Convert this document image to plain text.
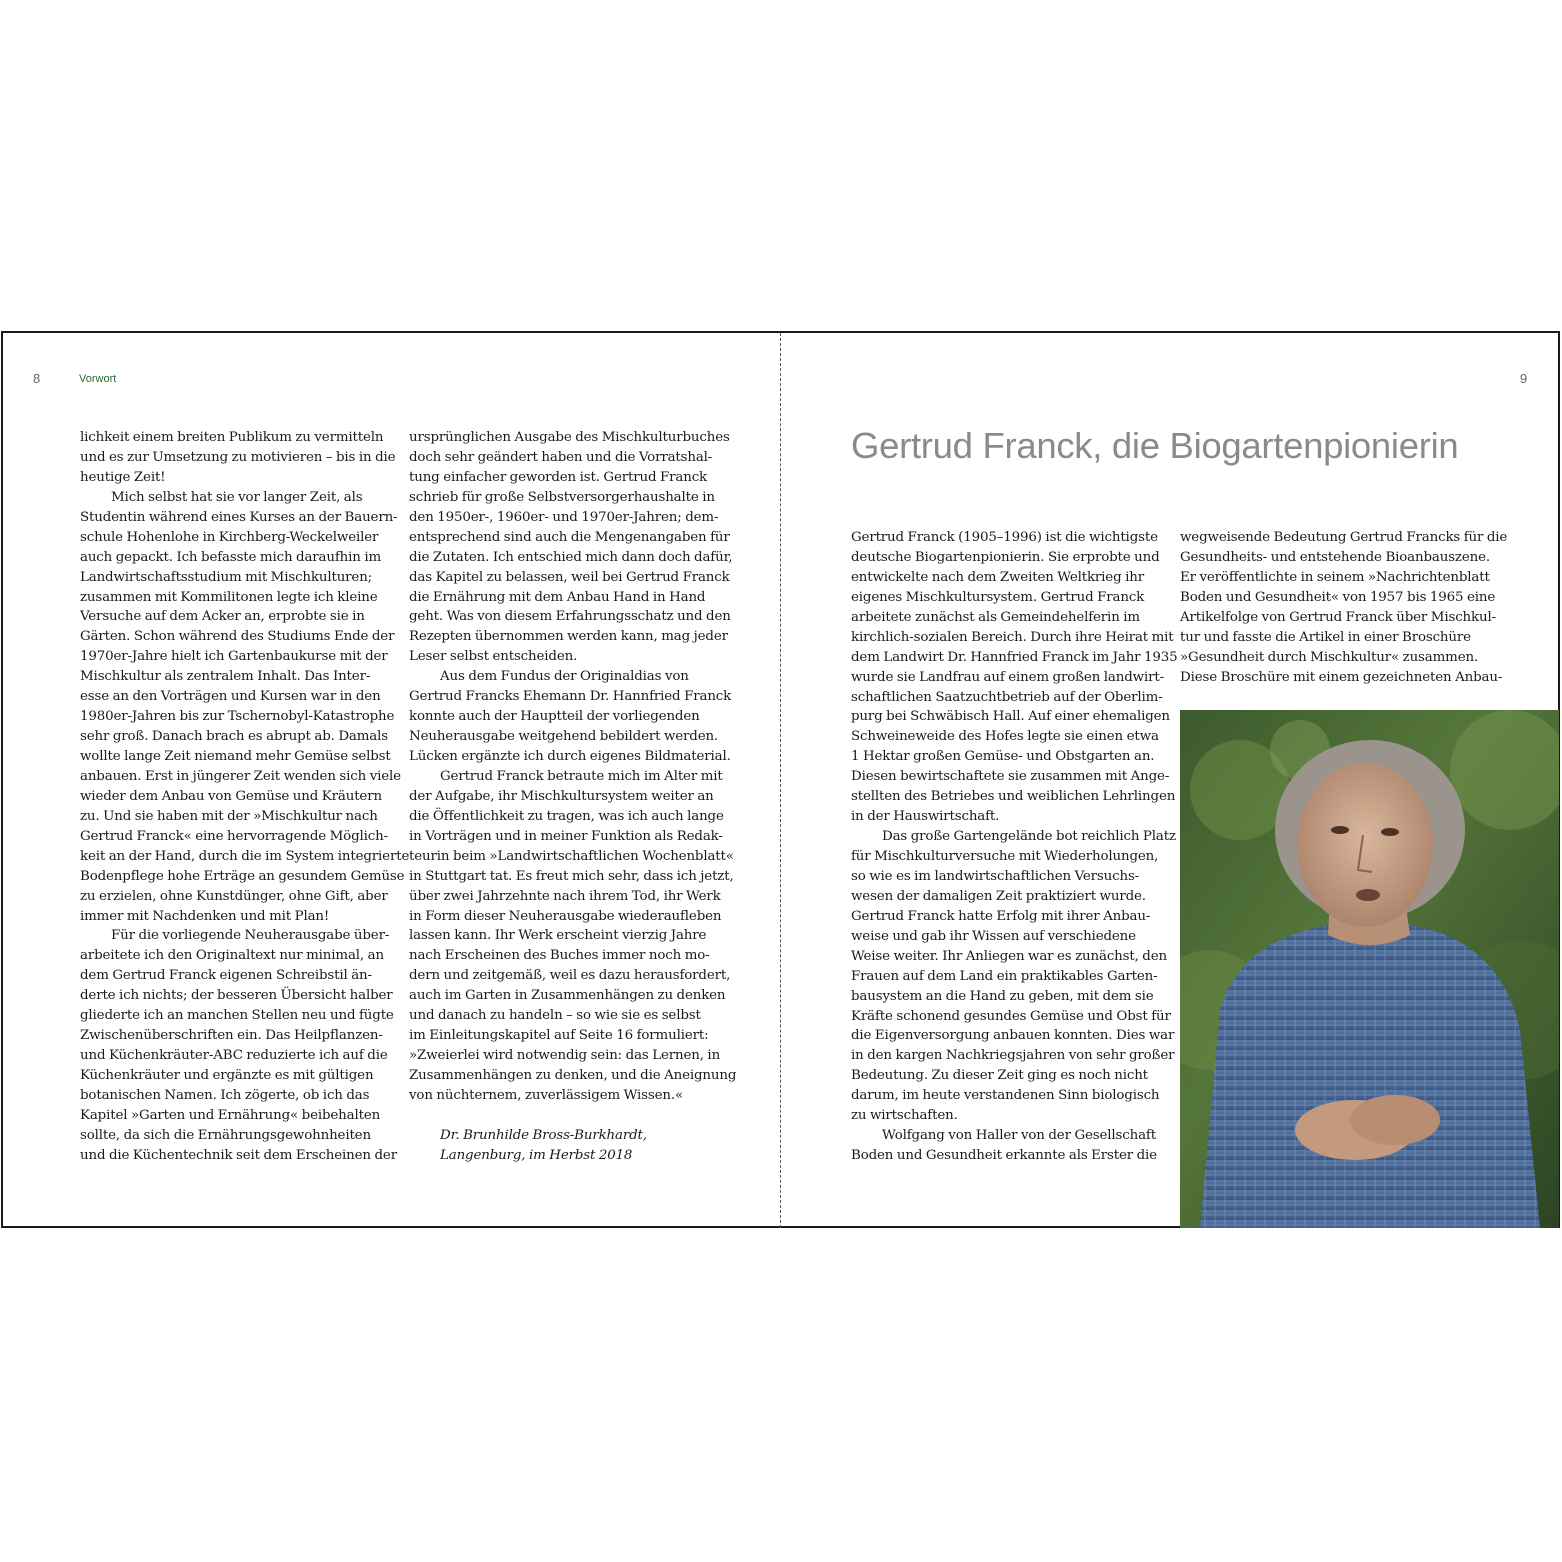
8	Vorwort
lichkeit einem breiten Publikum zu vermitteln
und es zur Umsetzung zu motivieren – bis in die
heutige Zeit!
Mich selbst hat sie vor langer Zeit, als
Studentin während eines Kurses an der Bauern-
schule Hohenlohe in Kirchberg-Weckelweiler
auch gepackt. Ich befasste mich daraufhin im
Landwirtschaftsstudium mit Mischkulturen;
zusammen mit Kommilitonen legte ich kleine
Versuche auf dem Acker an, erprobte sie in
Gärten. Schon während des Studiums Ende der
1970er-Jahre hielt ich Gartenbaukurse mit der
Mischkultur als zentralem Inhalt. Das Inter-
esse an den Vorträgen und Kursen war in den
1980er-Jahren bis zur Tschernobyl-Katastrophe
sehr groß. Danach brach es abrupt ab. Damals
wollte lange Zeit niemand mehr Gemüse selbst
anbauen. Erst in jüngerer Zeit wenden sich viele
wieder dem Anbau von Gemüse und Kräutern
zu. Und sie haben mit der »Mischkultur nach
Gertrud Franck« eine hervorragende Möglich-
keit an der Hand, durch die im System integrierte
Bodenpflege hohe Erträge an gesundem Gemüse
zu erzielen, ohne Kunstdünger, ohne Gift, aber
immer mit Nachdenken und mit Plan!
Für die vorliegende Neuherausgabe über-
arbeitete ich den Originaltext nur minimal, an
dem Gertrud Franck eigenen Schreibstil än-
derte ich nichts; der besseren Übersicht halber
gliederte ich an manchen Stellen neu und fügte
Zwischenüberschriften ein. Das Heilpflanzen-
und Küchenkräuter-ABC reduzierte ich auf die
Küchenkräuter und ergänzte es mit gültigen
botanischen Namen. Ich zögerte, ob ich das
Kapitel »Garten und Ernährung« beibehalten
sollte, da sich die Ernährungsgewohnheiten
und die Küchentechnik seit dem Erscheinen der
ursprünglichen Ausgabe des Mischkulturbuches
doch sehr geändert haben und die Vorratshal-
tung einfacher geworden ist. Gertrud Franck
schrieb für große Selbstversorgerhaushalte in
den 1950er-, 1960er- und 1970er-Jahren; dem-
entsprechend sind auch die Mengenangaben für
die Zutaten. Ich entschied mich dann doch dafür,
das Kapitel zu belassen, weil bei Gertrud Franck
die Ernährung mit dem Anbau Hand in Hand
geht. Was von diesem Erfahrungsschatz und den
Rezepten übernommen werden kann, mag jeder
Leser selbst entscheiden.
Aus dem Fundus der Originaldias von
Gertrud Francks Ehemann Dr. Hannfried Franck
konnte auch der Hauptteil der vorliegenden
Neuherausgabe weitgehend bebildert werden.
Lücken ergänzte ich durch eigenes Bildmaterial.
Gertrud Franck betraute mich im Alter mit
der Aufgabe, ihr Mischkultursystem weiter an
die Öffentlichkeit zu tragen, was ich auch lange
in Vorträgen und in meiner Funktion als Redak-
teurin beim »Landwirtschaftlichen Wochenblatt«
in Stuttgart tat. Es freut mich sehr, dass ich jetzt,
über zwei Jahrzehnte nach ihrem Tod, ihr Werk
in Form dieser Neuherausgabe wiederaufleben
lassen kann. Ihr Werk erscheint vierzig Jahre
nach Erscheinen des Buches immer noch mo-
dern und zeitgemäß, weil es dazu herausfordert,
auch im Garten in Zusammenhängen zu denken
und danach zu handeln – so wie sie es selbst
im Einleitungskapitel auf Seite 16 formuliert:
»Zweierlei wird notwendig sein: das Lernen, in
Zusammenhängen zu denken, und die Aneignung
von nüchternem, zuverlässigem Wissen.«
Dr. Brunhilde Bross-Burkhardt,
Langenburg, im Herbst 2018
9
Gertrud Franck, die Biogartenpionierin
Gertrud Franck (1905–1996) ist die wichtigste
deutsche Biogartenpionierin. Sie erprobte und
entwickelte nach dem Zweiten Weltkrieg ihr
eigenes Mischkultursystem. Gertrud Franck
arbeitete zunächst als Gemeindehelferin im
kirchlich-sozialen Bereich. Durch ihre Heirat mit
dem Landwirt Dr. Hannfried Franck im Jahr 1935
wurde sie Landfrau auf einem großen landwirt-
schaftlichen Saatzuchtbetrieb auf der Oberlim-
purg bei Schwäbisch Hall. Auf einer ehemaligen
Schweineweide des Hofes legte sie einen etwa
1 Hektar großen Gemüse- und Obstgarten an.
Diesen bewirtschaftete sie zusammen mit Ange-
stellten des Betriebes und weiblichen Lehrlingen
in der Hauswirtschaft.
Das große Gartengelände bot reichlich Platz
für Mischkulturversuche mit Wiederholungen,
so wie es im landwirtschaftlichen Versuchs-
wesen der damaligen Zeit praktiziert wurde.
Gertrud Franck hatte Erfolg mit ihrer Anbau-
weise und gab ihr Wissen auf verschiedene
Weise weiter. Ihr Anliegen war es zunächst, den
Frauen auf dem Land ein praktikables Garten-
bausystem an die Hand zu geben, mit dem sie
Kräfte schonend gesundes Gemüse und Obst für
die Eigenversorgung anbauen konnten. Dies war
in den kargen Nachkriegsjahren von sehr großer
Bedeutung. Zu dieser Zeit ging es noch nicht
darum, im heute verstandenen Sinn biologisch
zu wirtschaften.
Wolfgang von Haller von der Gesellschaft
Boden und Gesundheit erkannte als Erster die
wegweisende Bedeutung Gertrud Francks für die
Gesundheits- und entstehende Bioanbauszene.
Er veröffentlichte in seinem »Nachrichtenblatt
Boden und Gesundheit« von 1957 bis 1965 eine
Artikelfolge von Gertrud Franck über Mischkul-
tur und fasste die Artikel in einer Broschüre
»Gesundheit durch Mischkultur« zusammen.
Diese Broschüre mit einem gezeichneten Anbau-
